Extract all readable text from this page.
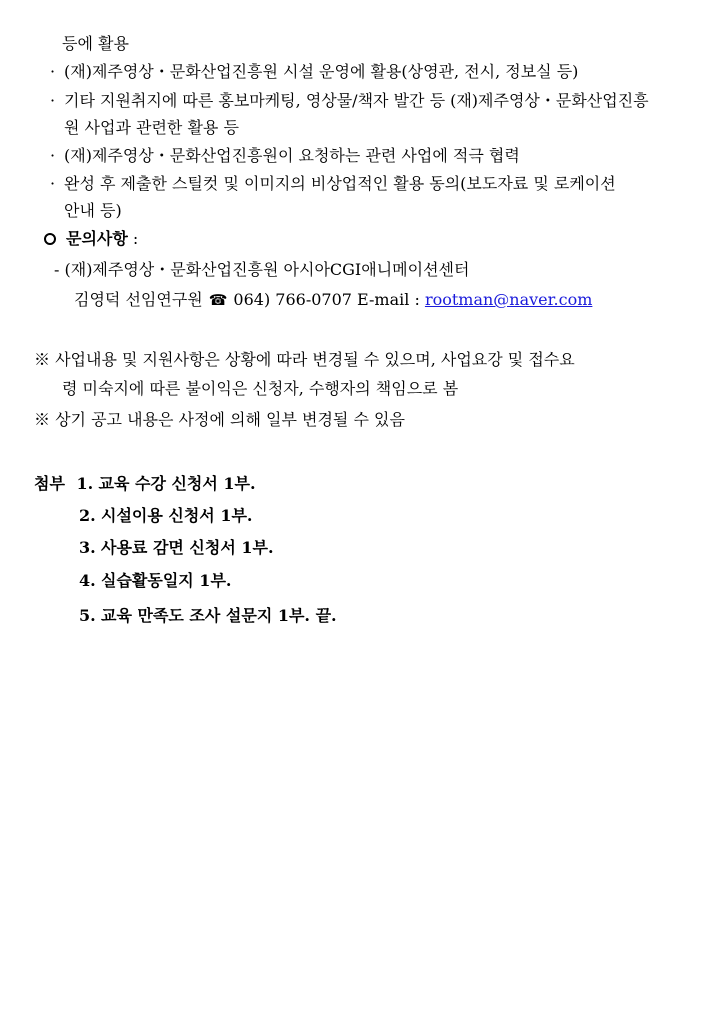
등에 활용
· (재)제주영상・문화산업진흥원 시설 운영에 활용(상영관, 전시, 정보실 등)
· 기타 지원취지에 따른 홍보마케팅, 영상물/책자 발간 등 (재)제주영상・문화산업진흥
원 사업과 관련한 활용 등
· (재)제주영상・문화산업진흥원이 요청하는 관련 사업에 적극 협력
· 완성 후 제출한 스틸컷 및 이미지의 비상업적인 활용 동의(보도자료 및 로케이션
안내 등)
문의사항 :
- (재)제주영상・문화산업진흥원 아시아CGI애니메이션센터
김영덕 선임연구원 ☎ 064) 766-0707 E-mail : rootman@naver.com
※ 사업내용 및 지원사항은 상황에 따라 변경될 수 있으며, 사업요강 및 접수요
령 미숙지에 따른 불이익은 신청자, 수행자의 책임으로 봄
※ 상기 공고 내용은 사정에 의해 일부 변경될 수 있음
첨부 1. 교육 수강 신청서 1부.
2. 시설이용 신청서 1부.
3. 사용료 감면 신청서 1부.
4. 실습활동일지 1부.
5. 교육 만족도 조사 설문지 1부. 끝.
